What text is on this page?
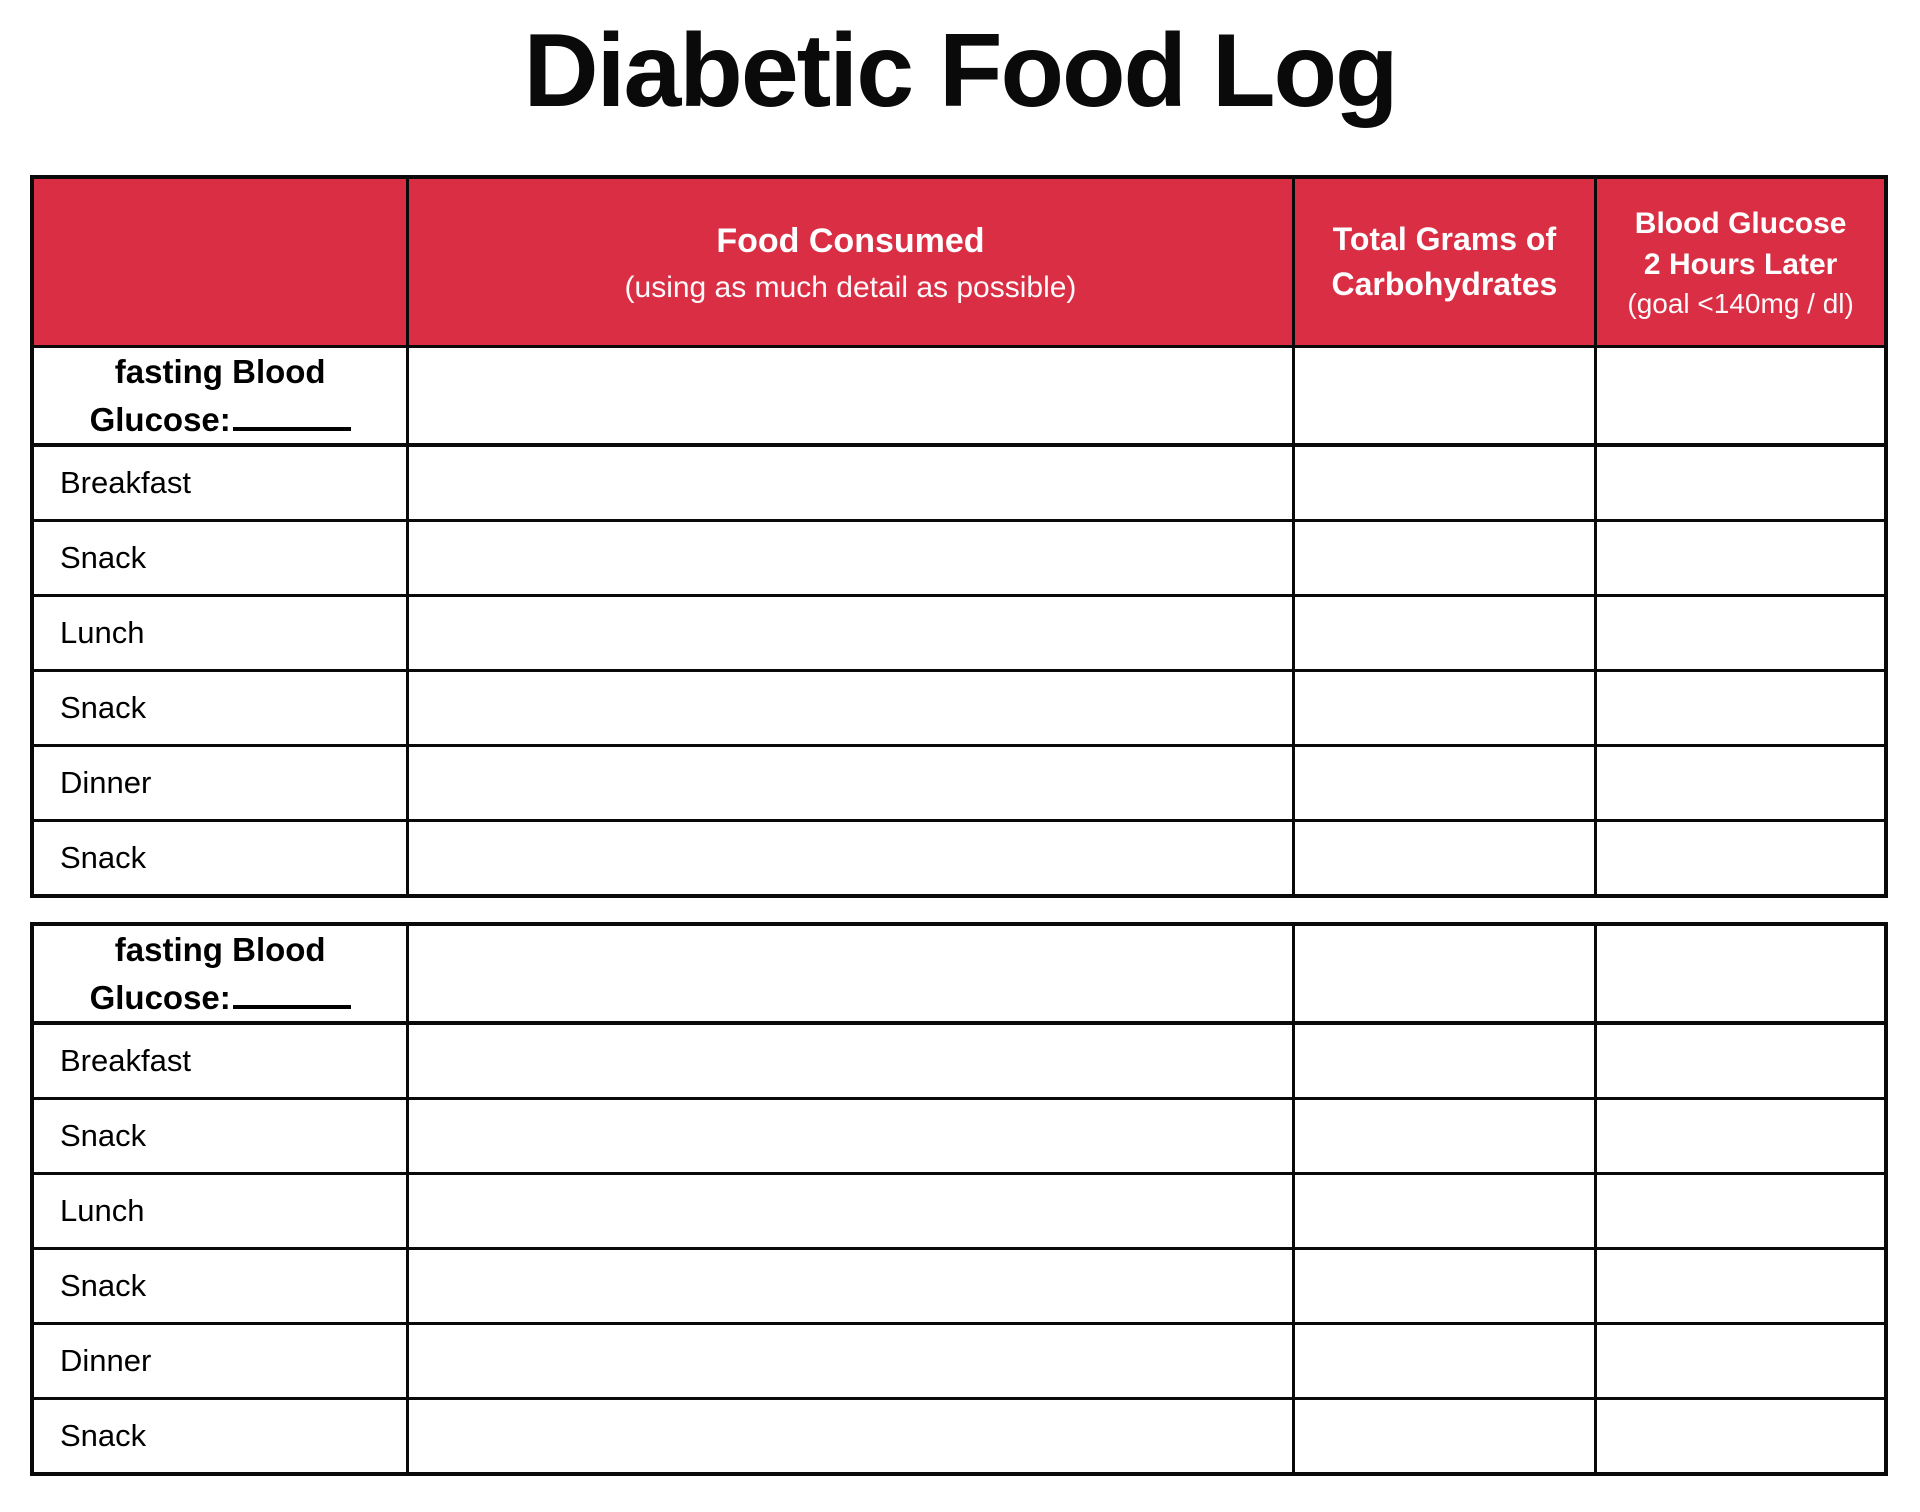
Diabetic Food Log
Food Consumed
(using as much detail as possible)
Total Grams of
Carbohydrates
Blood Glucose
2 Hours Later
(goal <140mg / dl)
fasting Blood
Glucose:
Breakfast
Snack
Lunch
Snack
Dinner
Snack
fasting Blood
Glucose:
Breakfast
Snack
Lunch
Snack
Dinner
Snack
